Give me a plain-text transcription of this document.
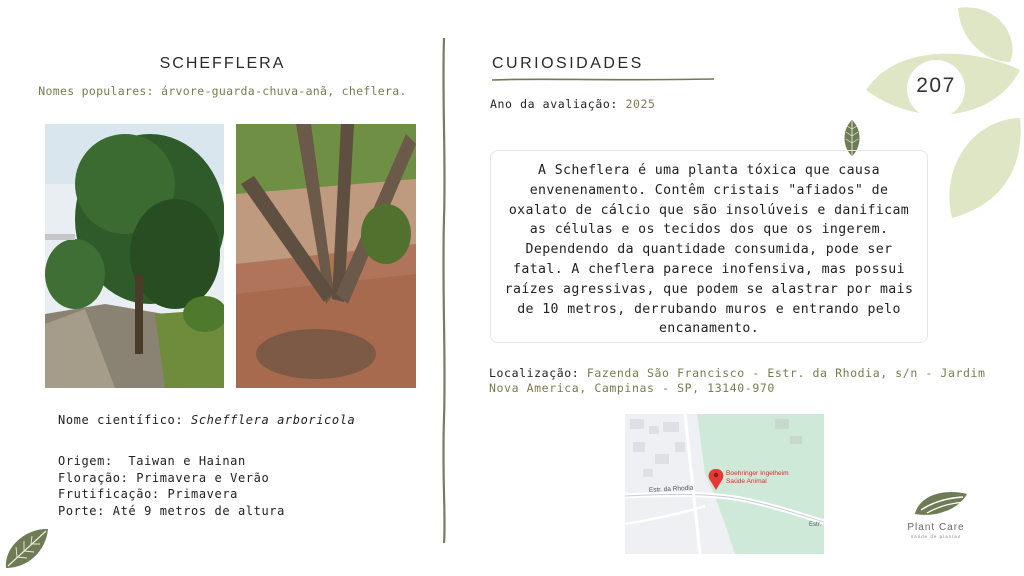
207
SCHEFFLERA
Nomes populares: árvore-guarda-chuva-anã, cheflera.
Nome científico: Schefflera arboricola
Origem:  Taiwan e Hainan
Floração: Primavera e Verão
Frutificação: Primavera
Porte: Até 9 metros de altura
CURIOSIDADES
Ano da avaliação: 2025
A Scheflera é uma planta tóxica que causa envenenamento. Contêm cristais "afiados" de oxalato de cálcio que são insolúveis e danificam as células e os tecidos dos que os ingerem. Dependendo da quantidade consumida, pode ser fatal. A cheflera parece inofensiva, mas possui raízes agressivas, que podem se alastrar por mais de 10 metros, derrubando muros e entrando pelo encanamento.
Localização: Fazenda São Francisco - Estr. da Rhodia, s/n - Jardim Nova America, Campinas - SP, 13140-970
Estr. da Rhodia
Estr.
Boehringer Ingelheim
Saúde Animal
Plant Care
saúde de plantas
